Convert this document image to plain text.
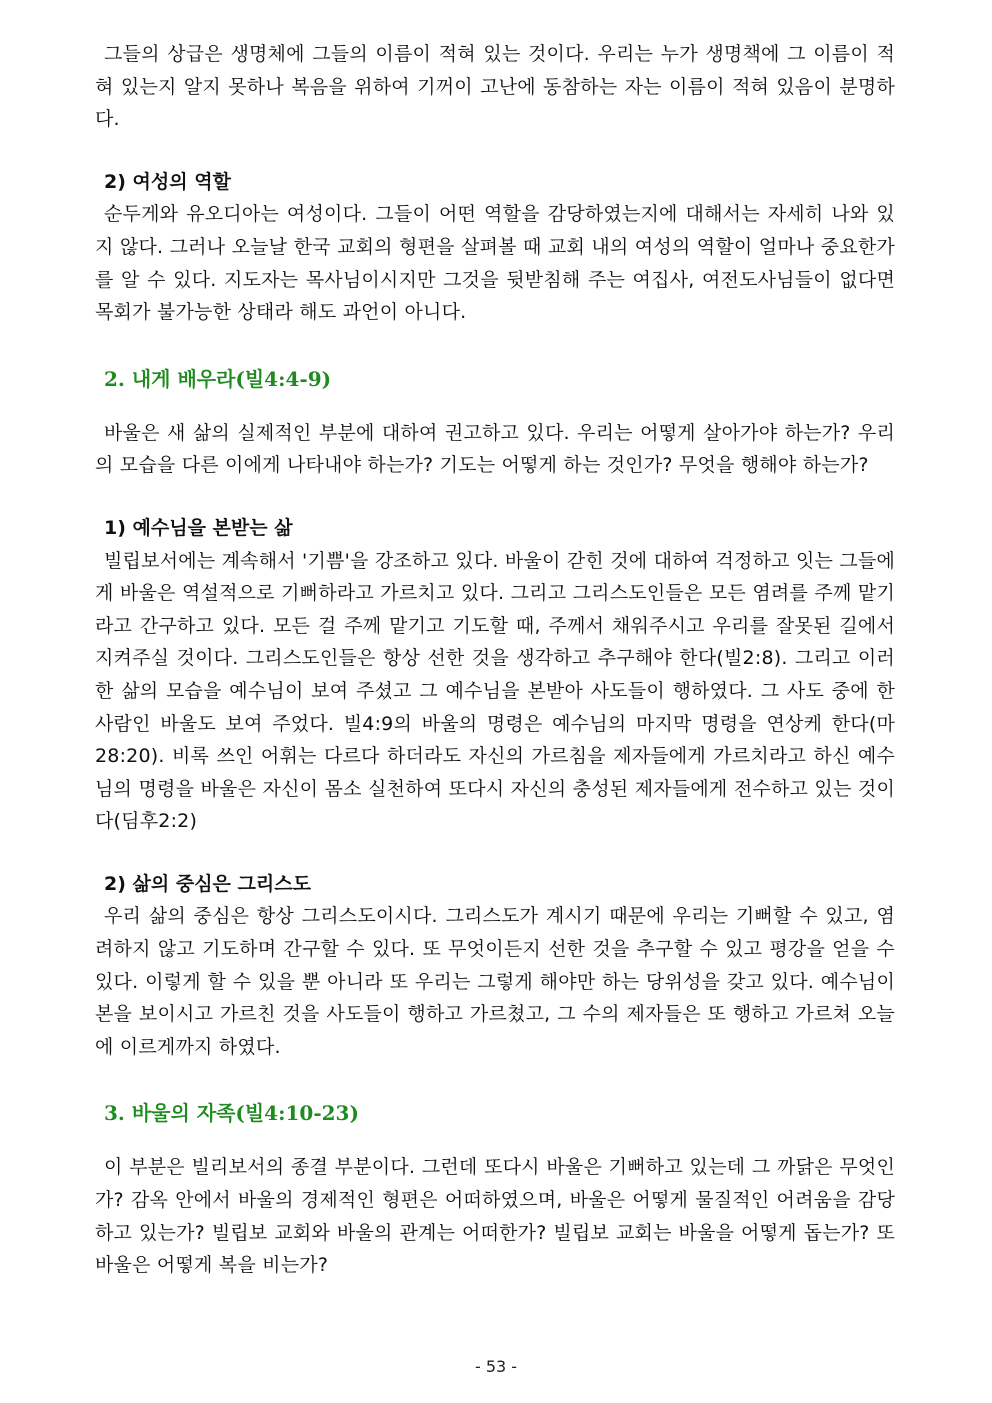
그들의 상급은 생명체에 그들의 이름이 적혀 있는 것이다. 우리는 누가 생명책에 그 이름이 적혀 있는지 알지 못하나 복음을 위하여 기꺼이 고난에 동참하는 자는 이름이 적혀 있음이 분명하다.

2) 여성의 역할

순두게와 유오디아는 여성이다. 그들이 어떤 역할을 감당하였는지에 대해서는 자세히 나와 있지 않다. 그러나 오늘날 한국 교회의 형편을 살펴볼 때 교회 내의 여성의 역할이 얼마나 중요한가를 알 수 있다. 지도자는 목사님이시지만 그것을 뒷받침해 주는 여집사, 여전도사님들이 없다면 목회가 불가능한 상태라 해도 과언이 아니다.

2. 내게 배우라(빌4:4-9)

바울은 새 삶의 실제적인 부분에 대하여 권고하고 있다. 우리는 어떻게 살아가야 하는가? 우리의 모습을 다른 이에게 나타내야 하는가? 기도는 어떻게 하는 것인가? 무엇을 행해야 하는가?

1) 예수님을 본받는 삶

빌립보서에는 계속해서 '기쁨'을 강조하고 있다. 바울이 갇힌 것에 대하여 걱정하고 잇는 그들에게 바울은 역설적으로 기뻐하라고 가르치고 있다. 그리고 그리스도인들은 모든 염려를 주께 맡기라고 간구하고 있다. 모든 걸 주께 맡기고 기도할 때, 주께서 채워주시고 우리를 잘못된 길에서 지켜주실 것이다. 그리스도인들은 항상 선한 것을 생각하고 추구해야 한다(빌2:8). 그리고 이러한 삶의 모습을 예수님이 보여 주셨고 그 예수님을 본받아 사도들이 행하였다. 그 사도 중에 한 사람인 바울도 보여 주었다. 빌4:9의 바울의 명령은 예수님의 마지막 명령을 연상케 한다(마28:20). 비록 쓰인 어휘는 다르다 하더라도 자신의 가르침을 제자들에게 가르치라고 하신 예수님의 명령을 바울은 자신이 몸소 실천하여 또다시 자신의 충성된 제자들에게 전수하고 있는 것이다(딤후2:2)

2) 삶의 중심은 그리스도

우리 삶의 중심은 항상 그리스도이시다. 그리스도가 계시기 때문에 우리는 기뻐할 수 있고, 염려하지 않고 기도하며 간구할 수 있다. 또 무엇이든지 선한 것을 추구할 수 있고 평강을 얻을 수 있다. 이렇게 할 수 있을 뿐 아니라 또 우리는 그렇게 해야만 하는 당위성을 갖고 있다. 예수님이 본을 보이시고 가르친 것을 사도들이 행하고 가르쳤고, 그 수의 제자들은 또 행하고 가르쳐 오늘에 이르게까지 하였다.

3. 바울의 자족(빌4:10-23)

이 부분은 빌리보서의 종결 부분이다. 그런데 또다시 바울은 기뻐하고 있는데 그 까닭은 무엇인가? 감옥 안에서 바울의 경제적인 형편은 어떠하였으며, 바울은 어떻게 물질적인 어려움을 감당하고 있는가? 빌립보 교회와 바울의 관계는 어떠한가? 빌립보 교회는 바울을 어떻게 돕는가? 또 바울은 어떻게 복을 비는가?

- 53 -
